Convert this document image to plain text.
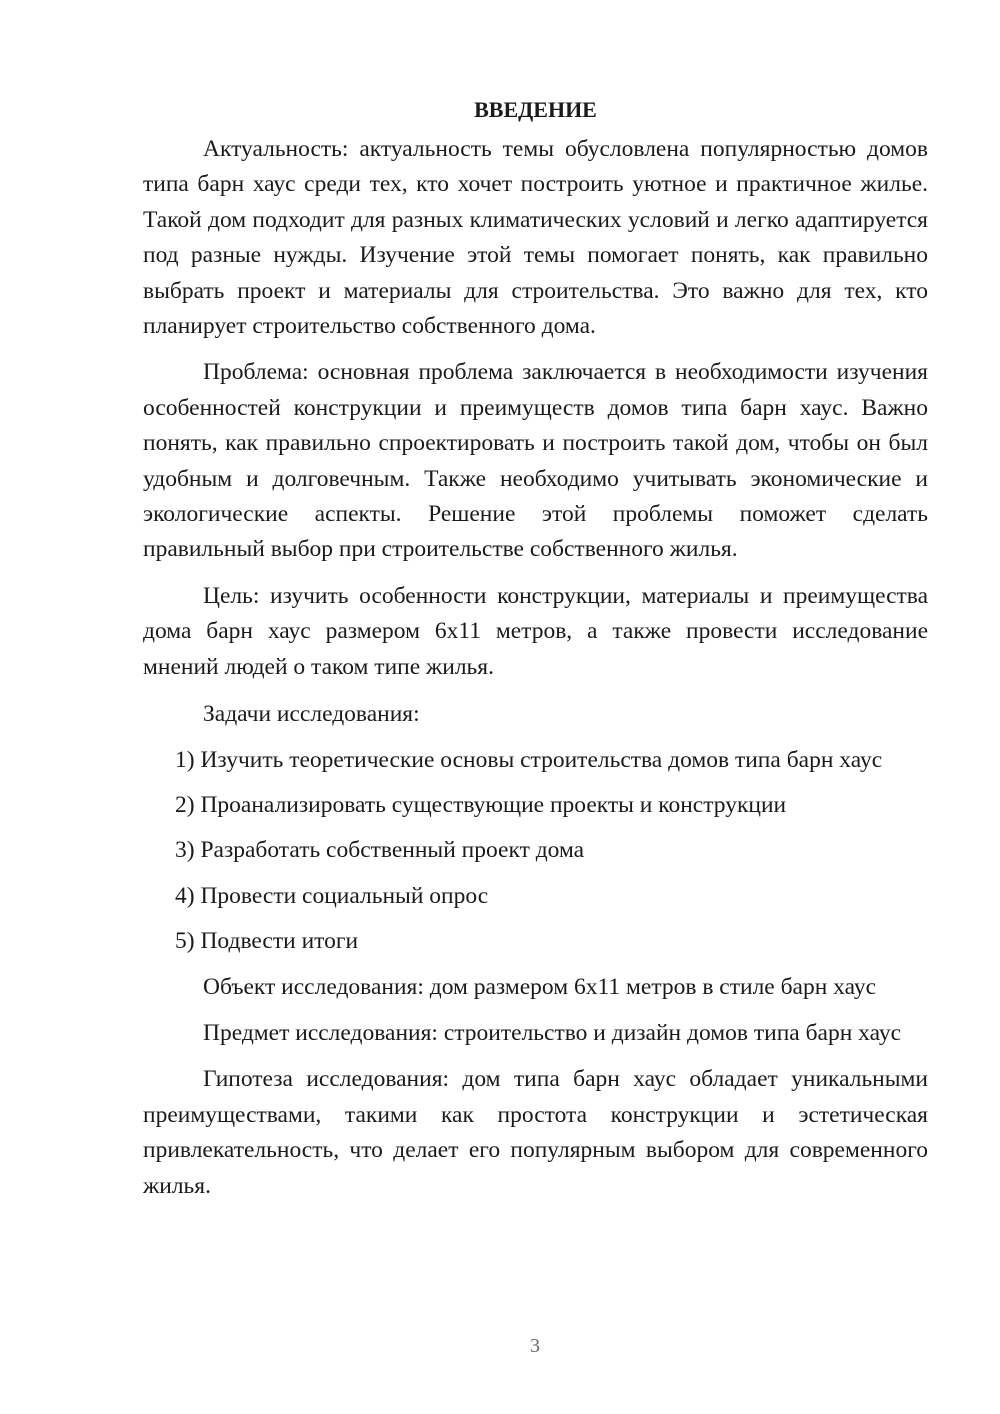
ВВЕДЕНИЕ

Актуальность: актуальность темы обусловлена популярностью домов типа барн хаус среди тех, кто хочет построить уютное и практичное жилье. Такой дом подходит для разных климатических условий и легко адаптируется под разные нужды. Изучение этой темы помогает понять, как правильно выбрать проект и материалы для строительства. Это важно для тех, кто планирует строительство собственного дома.

Проблема: основная проблема заключается в необходимости изучения особенностей конструкции и преимуществ домов типа барн хаус. Важно понять, как правильно спроектировать и построить такой дом, чтобы он был удобным и долговечным. Также необходимо учитывать экономические и экологические аспекты. Решение этой проблемы поможет сделать правильный выбор при строительстве собственного жилья.

Цель: изучить особенности конструкции, материалы и преимущества дома барн хаус размером 6x11 метров, а также провести исследование мнений людей о таком типе жилья.

Задачи исследования:

1) Изучить теоретические основы строительства домов типа барн хаус
2) Проанализировать существующие проекты и конструкции
3) Разработать собственный проект дома
4) Провести социальный опрос
5) Подвести итоги

Объект исследования: дом размером 6x11 метров в стиле барн хаус

Предмет исследования: строительство и дизайн домов типа барн хаус

Гипотеза исследования: дом типа барн хаус обладает уникальными преимуществами, такими как простота конструкции и эстетическая привлекательность, что делает его популярным выбором для современного жилья.

3
